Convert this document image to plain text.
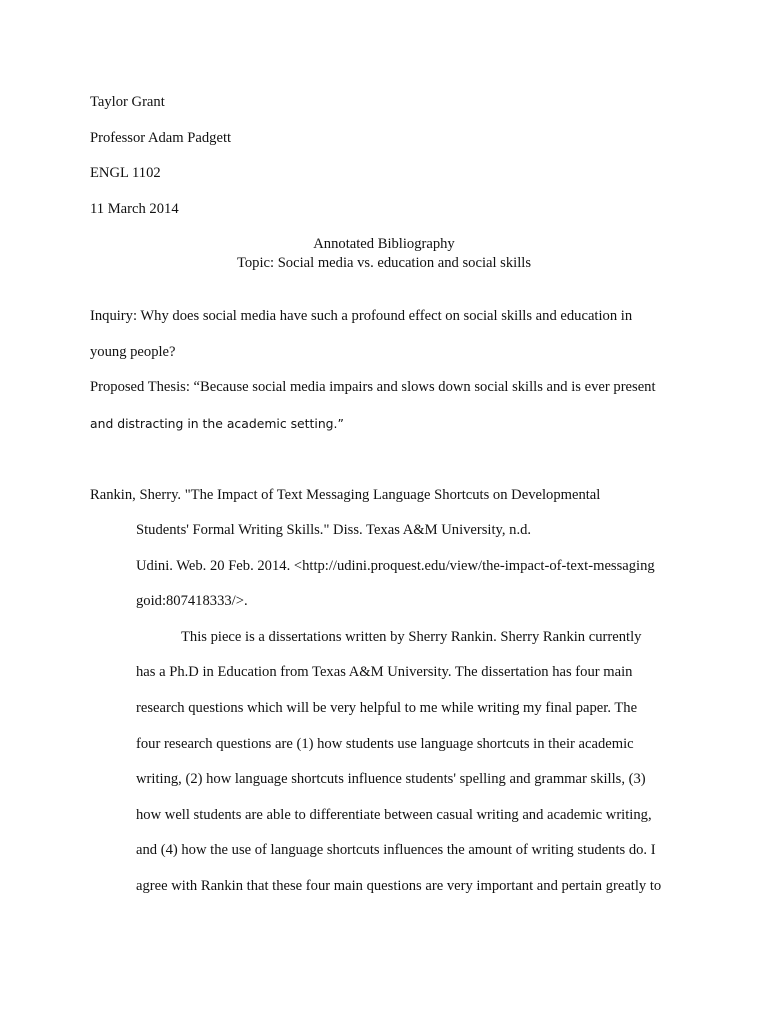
Taylor Grant
Professor Adam Padgett
ENGL 1102
11 March 2014
Annotated Bibliography
Topic: Social media vs. education and social skills
Inquiry: Why does social media have such a profound effect on social skills and education in
young people?
Proposed Thesis: “Because social media impairs and slows down social skills and is ever present
and distracting in the academic setting.”
Rankin, Sherry. "The Impact of Text Messaging Language Shortcuts on Developmental
Students' Formal Writing Skills." Diss. Texas A&M University, n.d.
Udini. Web. 20 Feb. 2014. <http://udini.proquest.edu/view/the-impact-of-text-messaging
goid:807418333/>.
This piece is a dissertations written by Sherry Rankin. Sherry Rankin currently
has a Ph.D in Education from Texas A&M University. The dissertation has four main
research questions which will be very helpful to me while writing my final paper. The
four research questions are (1) how students use language shortcuts in their academic
writing, (2) how language shortcuts influence students' spelling and grammar skills, (3)
how well students are able to differentiate between casual writing and academic writing,
and (4) how the use of language shortcuts influences the amount of writing students do. I
agree with Rankin that these four main questions are very important and pertain greatly to
